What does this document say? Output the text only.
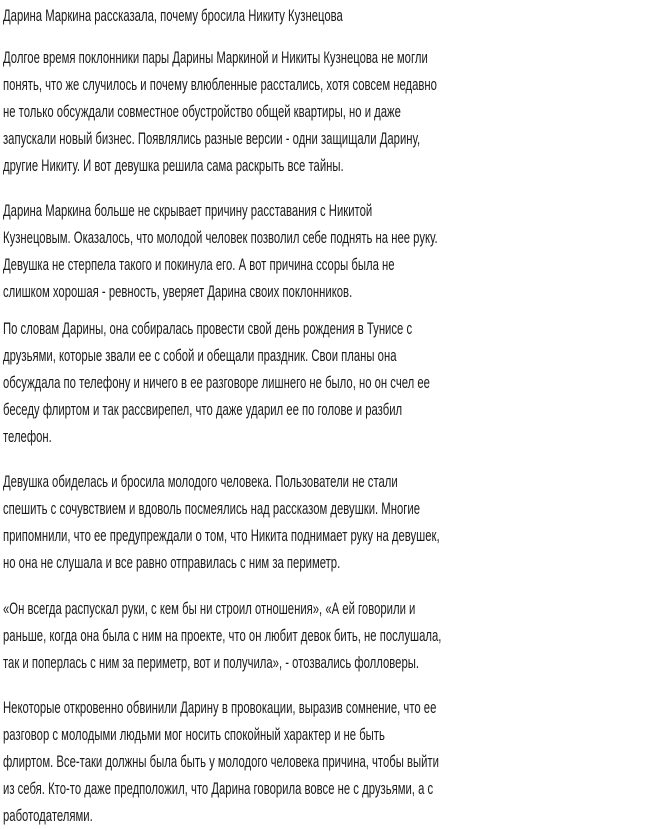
Дарина Маркина рассказала, почему бросила Никиту Кузнецова

Долгое время поклонники пары Дарины Маркиной и Никиты Кузнецова не могли
понять, что же случилось и почему влюбленные расстались, хотя совсем недавно
не только обсуждали совместное обустройство общей квартиры, но и даже
запускали новый бизнес. Появлялись разные версии - одни защищали Дарину,
другие Никиту. И вот девушка решила сама раскрыть все тайны.

Дарина Маркина больше не скрывает причину расставания с Никитой
Кузнецовым. Оказалось, что молодой человек позволил себе поднять на нее руку.
Девушка не стерпела такого и покинула его. А вот причина ссоры была не
слишком хорошая - ревность, уверяет Дарина своих поклонников.

По словам Дарины, она собиралась провести свой день рождения в Тунисе с
друзьями, которые звали ее с собой и обещали праздник. Свои планы она
обсуждала по телефону и ничего в ее разговоре лишнего не было, но он счел ее
беседу флиртом и так рассвирепел, что даже ударил ее по голове и разбил
телефон.

Девушка обиделась и бросила молодого человека. Пользователи не стали
спешить с сочувствием и вдоволь посмеялись над рассказом девушки. Многие
припомнили, что ее предупреждали о том, что Никита поднимает руку на девушек,
но она не слушала и все равно отправилась с ним за периметр.

«Он всегда распускал руки, с кем бы ни строил отношения», «А ей говорили и
раньше, когда она была с ним на проекте, что он любит девок бить, не послушала,
так и поперлась с ним за периметр, вот и получила», - отозвались фолловеры.

Некоторые откровенно обвинили Дарину в провокации, выразив сомнение, что ее
разговор с молодыми людьми мог носить спокойный характер и не быть
флиртом. Все-таки должны была быть у молодого человека причина, чтобы выйти
из себя. Кто-то даже предположил, что Дарина говорила вовсе не с друзьями, а с
работодателями.
